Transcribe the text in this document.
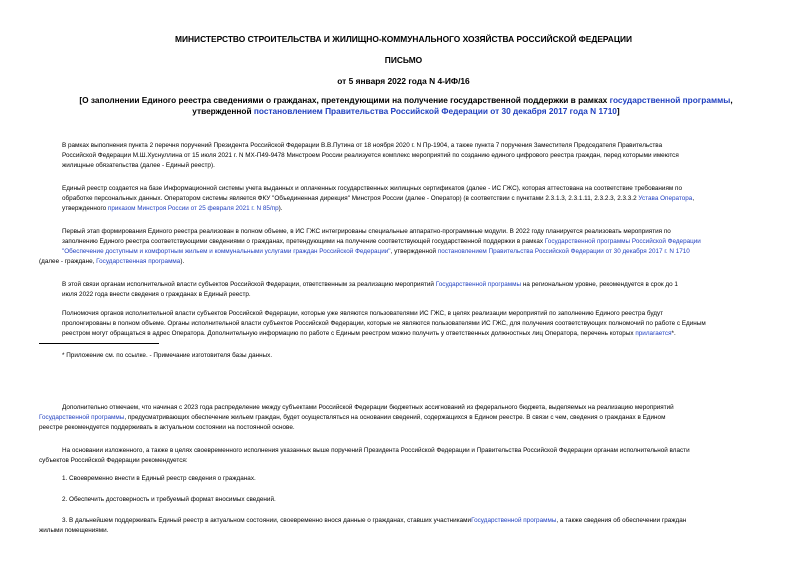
МИНИСТЕРСТВО СТРОИТЕЛЬСТВА И ЖИЛИЩНО-КОММУНАЛЬНОГО ХОЗЯЙСТВА РОССИЙСКОЙ ФЕДЕРАЦИИ
ПИСЬМО
от 5 января 2022 года N 4-ИФ/16
[О заполнении Единого реестра сведениями о гражданах, претендующими на получение государственной поддержки в рамках государственной программы,
утвержденной постановлением Правительства Российской Федерации от 30 декабря 2017 года N 1710]
В рамках выполнения пункта 2 перечня поручений Президента Российской Федерации В.В.Путина от 18 ноября 2020 г. N Пр-1904, а также пункта 7 поручения Заместителя Председателя Правительства
Российской Федерации М.Ш.Хуснуллина от 15 июля 2021 г. N МХ-П49-9478 Минстроем России реализуется комплекс мероприятий по созданию единого цифрового реестра граждан, перед которыми имеются
жилищные обязательства (далее - Единый реестр).
Единый реестр создается на базе Информационной системы учета выданных и оплаченных государственных жилищных сертификатов (далее - ИС ГЖС), которая аттестована на соответствие требованиям по
обработке персональных данных. Оператором системы является ФКУ "Объединенная дирекция" Минстроя России (далее - Оператор) (в соответствии с пунктами 2.3.1.3, 2.3.1.11, 2.3.2.3, 2.3.3.2 Устава Оператора,
утвержденного приказом Минстроя России от 25 февраля 2021 г. N 85/пр).
Первый этап формирования Единого реестра реализован в полном объеме, в ИС ГЖС интегрированы специальные аппаратно-программные модули. В 2022 году планируется реализовать мероприятия по
заполнению Единого реестра соответствующими сведениями о гражданах, претендующими на получение соответствующей государственной поддержки в рамках Государственной программы Российской Федерации
"Обеспечение доступным и комфортным жильем и коммунальными услугами граждан Российской Федерации", утвержденной постановлением Правительства Российской Федерации от 30 декабря 2017 г. N 1710
(далее - граждане, Государственная программа).
В этой связи органам исполнительной власти субъектов Российской Федерации, ответственным за реализацию мероприятий Государственной программы на региональном уровне, рекомендуется в срок до 1
июля 2022 года внести сведения о гражданах в Единый реестр.
Полномочия органов исполнительной власти субъектов Российской Федерации, которые уже являются пользователями ИС ГЖС, в целях реализации мероприятий по заполнению Единого реестра будут
пролонгированы в полном объеме. Органы исполнительной власти субъектов Российской Федерации, которые не являются пользователями ИС ГЖС, для получения соответствующих полномочий по работе с Единым
реестром могут обращаться в адрес Оператора. Дополнительную информацию по работе с Единым реестром можно получить у ответственных должностных лиц Оператора, перечень которых прилагается*.
* Приложение см. по ссылке. - Примечание изготовителя базы данных.
Дополнительно отмечаем, что начиная с 2023 года распределение между субъектами Российской Федерации бюджетных ассигнований из федерального бюджета, выделяемых на реализацию мероприятий
Государственной программы, предусматривающих обеспечение жильем граждан, будет осуществляться на основании сведений, содержащихся в Едином реестре. В связи с чем, сведения о гражданах в Едином
реестре рекомендуется поддерживать в актуальном состоянии на постоянной основе.
На основании изложенного, а также в целях своевременного исполнения указанных выше поручений Президента Российской Федерации и Правительства Российской Федерации органам исполнительной власти
субъектов Российской Федерации рекомендуется:
1. Своевременно внести в Единый реестр сведения о гражданах.
2. Обеспечить достоверность и требуемый формат вносимых сведений.
3. В дальнейшем поддерживать Единый реестр в актуальном состоянии, своевременно внося данные о гражданах, ставших участникамиГосударственной программы, а также сведения об обеспечении граждан
жилыми помещениями.
